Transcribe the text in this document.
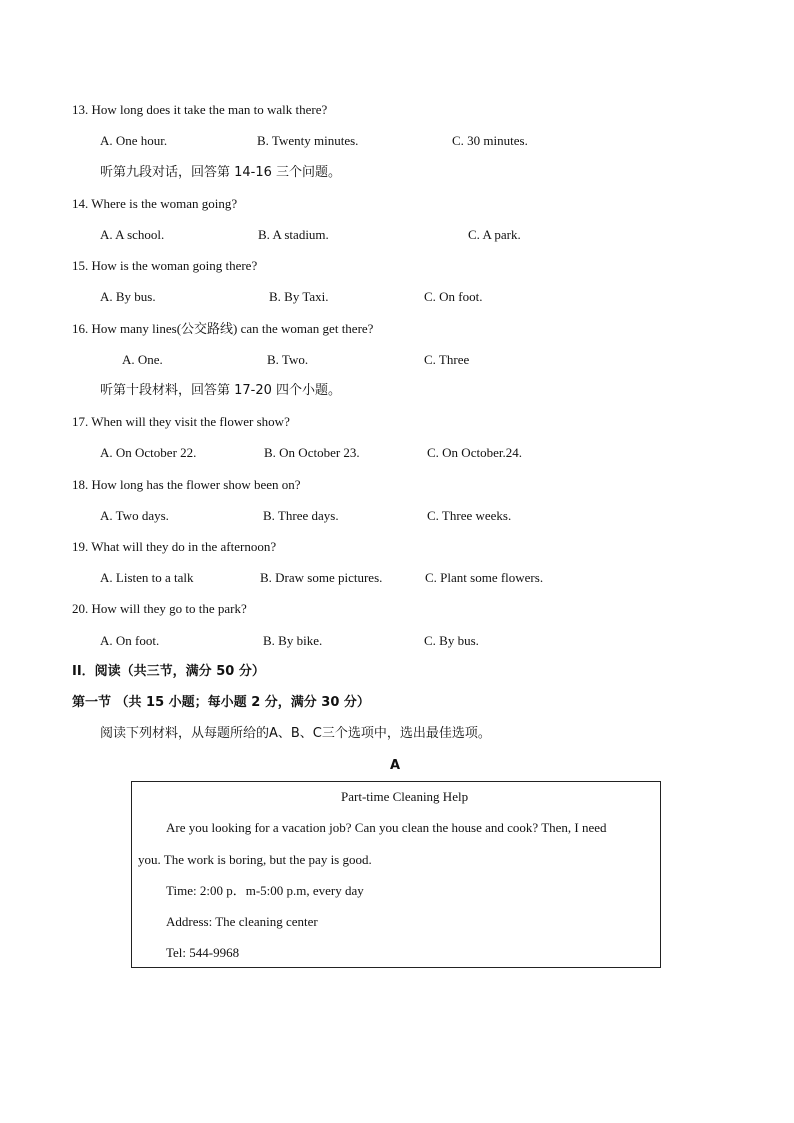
13. How long does it take the man to walk there?
A. One hour.	B. Twenty minutes.	C. 30 minutes.
听第九段对话，回答第 14-16 三个问题。
14. Where is the woman going?
A. A school.	B. A stadium.	C. A park.
15. How is the woman going there?
A. By bus.	B. By Taxi.	C. On foot.
16. How many lines(公交路线) can the woman get there?
A. One.	B. Two.	C. Three
听第十段材料，回答第 17-20 四个小题。
17. When will they visit the flower show?
A. On October 22.	B. On October 23.	C. On October.24.
18. How long has the flower show been on?
A. Two days.	B. Three days.	C. Three weeks.
19. What will they do in the afternoon?
A. Listen to a talk	B. Draw some pictures.	C. Plant some flowers.
20. How will they go to the park?
A. On foot.	B. By bike.	C. By bus.
II．阅读（共三节，满分 50 分）
第一节 （共 15 小题；每小题 2 分，满分 30 分）
阅读下列材料，从每题所给的A、B、C三个选项中，选出最佳选项。
A
Part-time Cleaning Help
Are you looking for a vacation job? Can you clean the house and cook? Then, I need
you. The work is boring, but the pay is good.
Time: 2:00 p．m-5:00 p.m, every day
Address: The cleaning center
Tel: 544-9968
